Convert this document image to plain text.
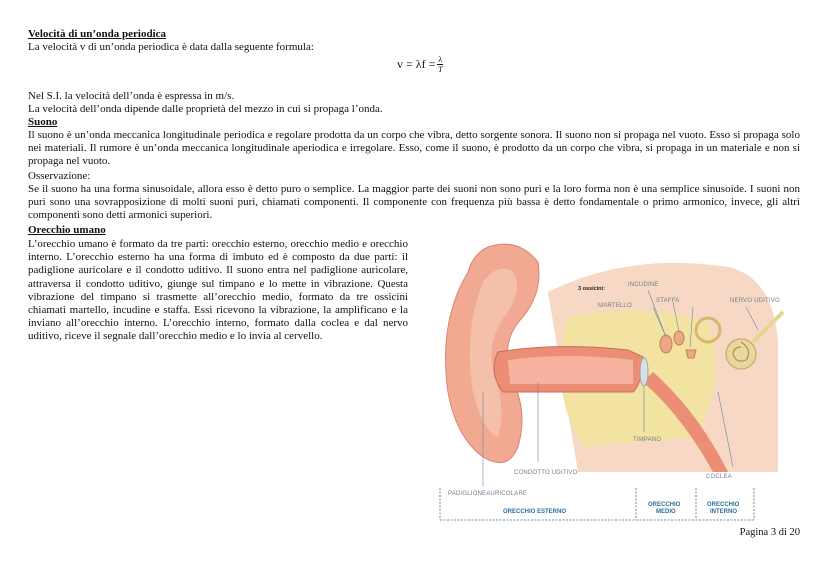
Velocità di un’onda periodica
La velocità v di un’onda periodica è data dalla seguente formula:
$v = \lambda f = \frac{\lambda}{T}$
Nel S.I. la velocità dell’onda è espressa in m/s.
La velocità dell’onda dipende dalle proprietà del mezzo in cui si propaga l’onda.
Suono
Il suono è un’onda meccanica longitudinale periodica e regolare prodotta da un corpo che vibra, detto sorgente sonora. Il suono non si propaga nel vuoto. Esso si propaga solo nei materiali. Il rumore è un’onda meccanica longitudinale aperiodica e irregolare. Esso, come il suono, è prodotto da un corpo che vibra, si propaga in un materiale e non si propaga nel vuoto.
Osservazione:
Se il suono ha una forma sinusoidale, allora esso è detto puro o semplice. La maggior parte dei suoni non sono puri e la loro forma non è una semplice sinusoide. I suoni non puri sono una sovrapposizione di molti suoni puri, chiamati componenti. Il componente con frequenza più bassa è detto fondamentale o primo armonico, invece, gli altri componenti sono detti armonici superiori.
Orecchio umano
L’orecchio umano è formato da tre parti: orecchio esterno, orecchio medio e orecchio interno. L’orecchio esterno ha una forma di imbuto ed è composto da due parti: il padiglione auricolare e il condotto uditivo. Il suono entra nel padiglione auricolare, attraversa il condotto uditivo, giunge sul timpano e lo mette in vibrazione. Questa vibrazione del timpano si trasmette all’orecchio medio, formato da tre ossicini chiamati martello, incudine e staffa. Essi ricevono la vibrazione, la amplificano e la inviano all’orecchio interno. L’orecchio interno, formato dalla coclea e dal nervo uditivo, riceve il segnale dall’orecchio medio e lo invia al cervello.
3 ossicini:
INCUDINE
STAFFA
MARTELLO
NERVO UDITIVO
TIMPANO
CONDOTTO UDITIVO
COCLEA
PADIGLIONEAURICOLARE
ORECCHIO ESTERNO
ORECCHIO
MEDIO
ORECCHIO
INTERNO
Pagina 3 di 20
